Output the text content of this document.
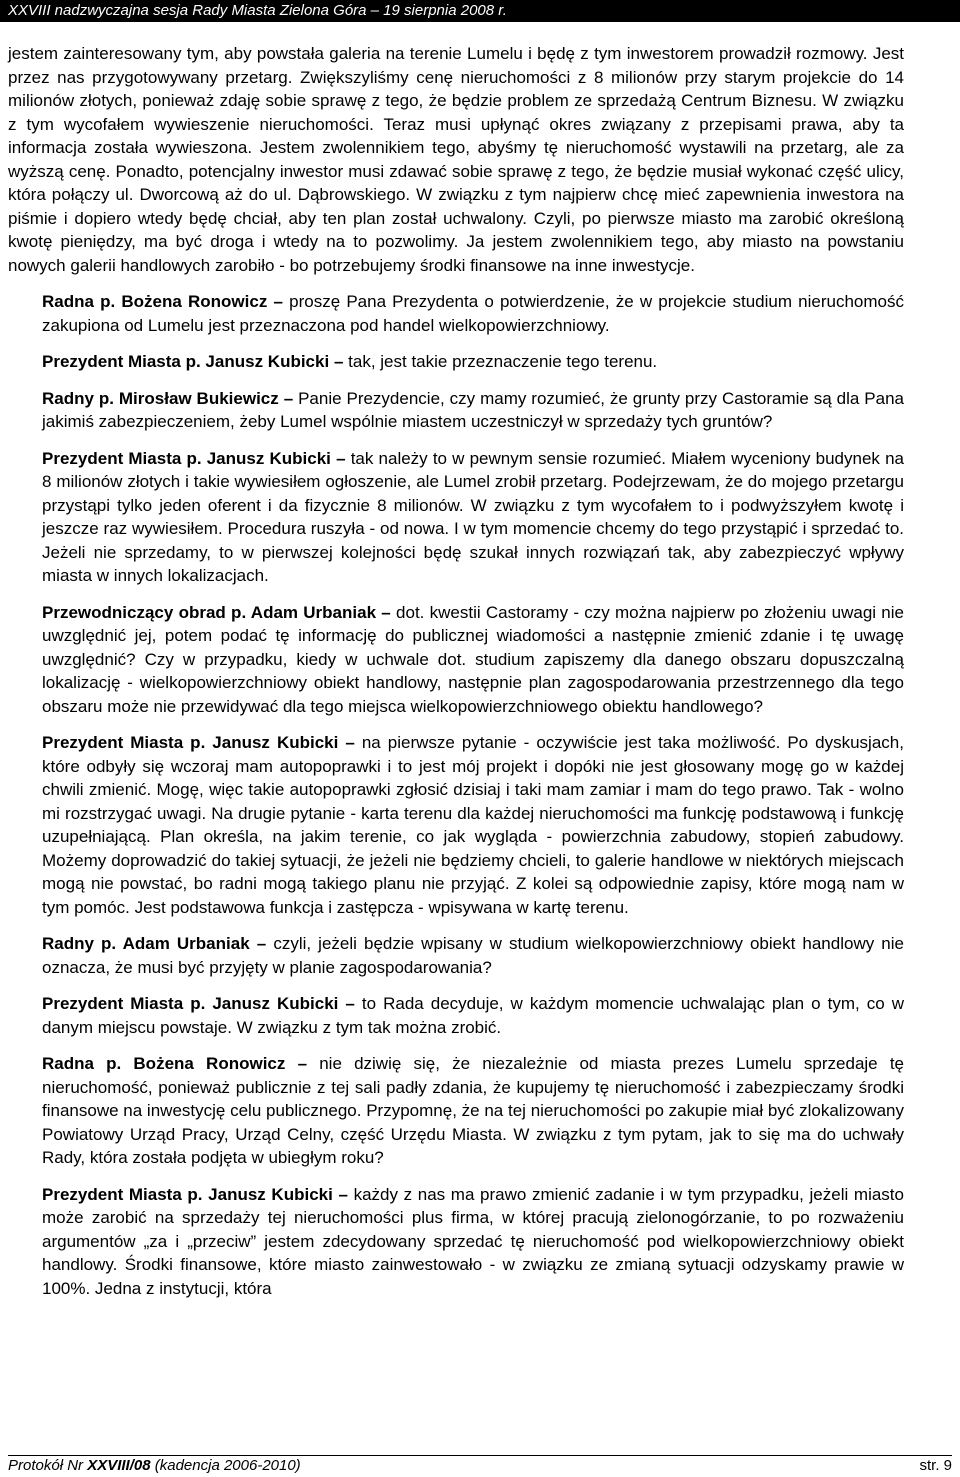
XXVIII nadzwyczajna sesja Rady Miasta Zielona Góra – 19 sierpnia 2008 r.

jestem zainteresowany tym, aby powstała galeria na terenie Lumelu i będę z tym inwestorem prowadził rozmowy. Jest przez nas przygotowywany przetarg. Zwiększyliśmy cenę nieruchomości z 8 milionów przy starym projekcie do 14 milionów złotych, ponieważ zdaję sobie sprawę z tego, że będzie problem ze sprzedażą Centrum Biznesu. W związku z tym wycofałem wywieszenie nieruchomości. Teraz musi upłynąć okres związany z przepisami prawa, aby ta informacja została wywieszona. Jestem zwolennikiem tego, abyśmy tę nieruchomość wystawili na przetarg, ale za wyższą cenę. Ponadto, potencjalny inwestor musi zdawać sobie sprawę z tego, że będzie musiał wykonać część ulicy, która połączy ul. Dworcową aż do ul. Dąbrowskiego. W związku z tym najpierw chcę mieć zapewnienia inwestora na piśmie i dopiero wtedy będę chciał, aby ten plan został uchwalony. Czyli, po pierwsze miasto ma zarobić określoną kwotę pieniędzy, ma być droga i wtedy na to pozwolimy. Ja jestem zwolennikiem tego, aby miasto na powstaniu nowych galerii handlowych zarobiło - bo potrzebujemy środki finansowe na inne inwestycje.

Radna p. Bożena Ronowicz – proszę Pana Prezydenta o potwierdzenie, że w projekcie studium nieruchomość zakupiona od Lumelu jest przeznaczona pod handel wielkopowierzchniowy.

Prezydent Miasta p. Janusz Kubicki – tak, jest takie przeznaczenie tego terenu.

Radny p. Mirosław Bukiewicz – Panie Prezydencie, czy mamy rozumieć, że grunty przy Castoramie są dla Pana jakimiś zabezpieczeniem, żeby Lumel wspólnie miastem uczestniczył w sprzedaży tych gruntów?

Prezydent Miasta p. Janusz Kubicki – tak należy to w pewnym sensie rozumieć. Miałem wyceniony budynek na 8 milionów złotych i takie wywiesiłem ogłoszenie, ale Lumel zrobił przetarg. Podejrzewam, że do mojego przetargu przystąpi tylko jeden oferent i da fizycznie 8 milionów. W związku z tym wycofałem to i podwyższyłem kwotę i jeszcze raz wywiesiłem. Procedura ruszyła - od nowa. I w tym momencie chcemy do tego przystąpić i sprzedać to. Jeżeli nie sprzedamy, to w pierwszej kolejności będę szukał innych rozwiązań tak, aby zabezpieczyć wpływy miasta w innych lokalizacjach.

Przewodniczący obrad p. Adam Urbaniak – dot. kwestii Castoramy - czy można najpierw po złożeniu uwagi nie uwzględnić jej, potem podać tę informację do publicznej wiadomości a następnie zmienić zdanie i tę uwagę uwzględnić? Czy w przypadku, kiedy w uchwale dot. studium zapiszemy dla danego obszaru dopuszczalną lokalizację - wielkopowierzchniowy obiekt handlowy, następnie plan zagospodarowania przestrzennego dla tego obszaru może nie przewidywać dla tego miejsca wielkopowierzchniowego obiektu handlowego?

Prezydent Miasta p. Janusz Kubicki – na pierwsze pytanie - oczywiście jest taka możliwość. Po dyskusjach, które odbyły się wczoraj mam autopoprawki i to jest mój projekt i dopóki nie jest głosowany mogę go w każdej chwili zmienić. Mogę, więc takie autopoprawki zgłosić dzisiaj i taki mam zamiar i mam do tego prawo. Tak - wolno mi rozstrzygać uwagi. Na drugie pytanie - karta terenu dla każdej nieruchomości ma funkcję podstawową i funkcję uzupełniającą. Plan określa, na jakim terenie, co jak wygląda - powierzchnia zabudowy, stopień zabudowy. Możemy doprowadzić do takiej sytuacji, że jeżeli nie będziemy chcieli, to galerie handlowe w niektórych miejscach mogą nie powstać, bo radni mogą takiego planu nie przyjąć. Z kolei są odpowiednie zapisy, które mogą nam w tym pomóc. Jest podstawowa funkcja i zastępcza - wpisywana w kartę terenu.

Radny p. Adam Urbaniak – czyli, jeżeli będzie wpisany w studium wielkopowierzchniowy obiekt handlowy nie oznacza, że musi być przyjęty w planie zagospodarowania?

Prezydent Miasta p. Janusz Kubicki – to Rada decyduje, w każdym momencie uchwalając plan o tym, co w danym miejscu powstaje. W związku z tym tak można zrobić.

Radna p. Bożena Ronowicz – nie dziwię się, że niezależnie od miasta prezes Lumelu sprzedaje tę nieruchomość, ponieważ publicznie z tej sali padły zdania, że kupujemy tę nieruchomość i zabezpieczamy środki finansowe na inwestycję celu publicznego. Przypomnę, że na tej nieruchomości po zakupie miał być zlokalizowany Powiatowy Urząd Pracy, Urząd Celny, część Urzędu Miasta. W związku z tym pytam, jak to się ma do uchwały Rady, która została podjęta w ubiegłym roku?

Prezydent Miasta p. Janusz Kubicki – każdy z nas ma prawo zmienić zadanie i w tym przypadku, jeżeli miasto może zarobić na sprzedaży tej nieruchomości plus firma, w której pracują zielonogórzanie, to po rozważeniu argumentów „za i „przeciw” jestem zdecydowany sprzedać tę nieruchomość pod wielkopowierzchniowy obiekt handlowy. Środki finansowe, które miasto zainwestowało - w związku ze zmianą sytuacji odzyskamy prawie w 100%. Jedna z instytucji, która

Protokół Nr XXVIII/08 (kadencja 2006-2010)	str. 9
